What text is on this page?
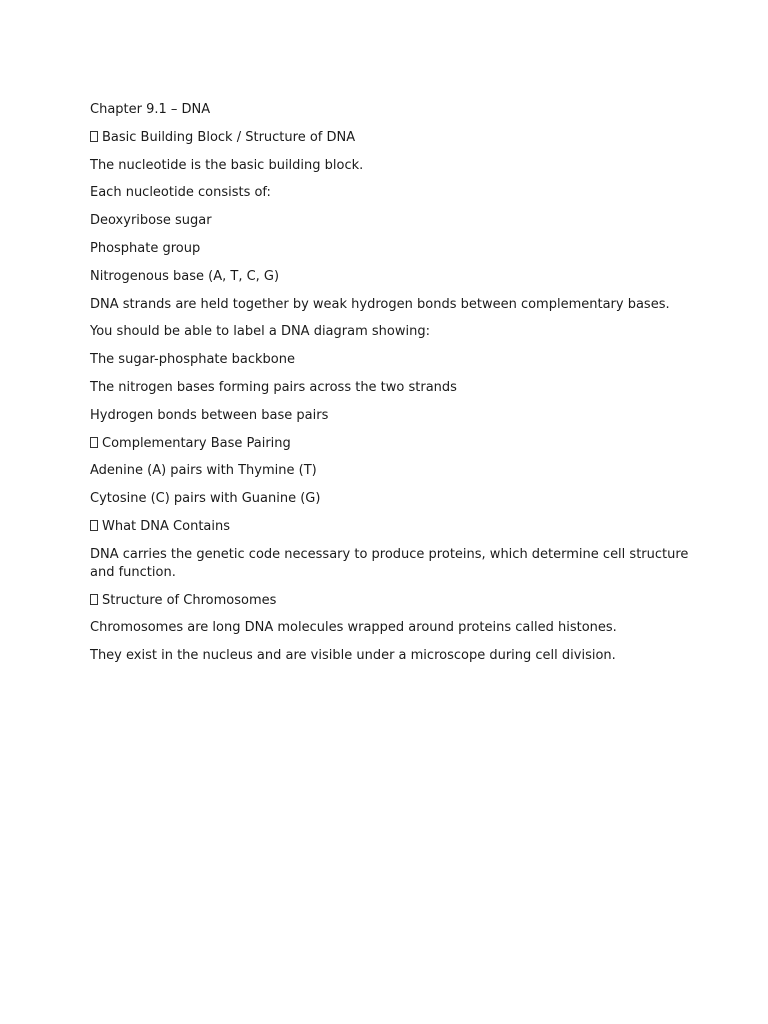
Chapter 9.1 – DNA
Basic Building Block / Structure of DNA
The nucleotide is the basic building block.
Each nucleotide consists of:
Deoxyribose sugar
Phosphate group
Nitrogenous base (A, T, C, G)
DNA strands are held together by weak hydrogen bonds between complementary bases.
You should be able to label a DNA diagram showing:
The sugar-phosphate backbone
The nitrogen bases forming pairs across the two strands
Hydrogen bonds between base pairs
Complementary Base Pairing
Adenine (A) pairs with Thymine (T)
Cytosine (C) pairs with Guanine (G)
What DNA Contains
DNA carries the genetic code necessary to produce proteins, which determine cell structure and function.
Structure of Chromosomes
Chromosomes are long DNA molecules wrapped around proteins called histones.
They exist in the nucleus and are visible under a microscope during cell division.
